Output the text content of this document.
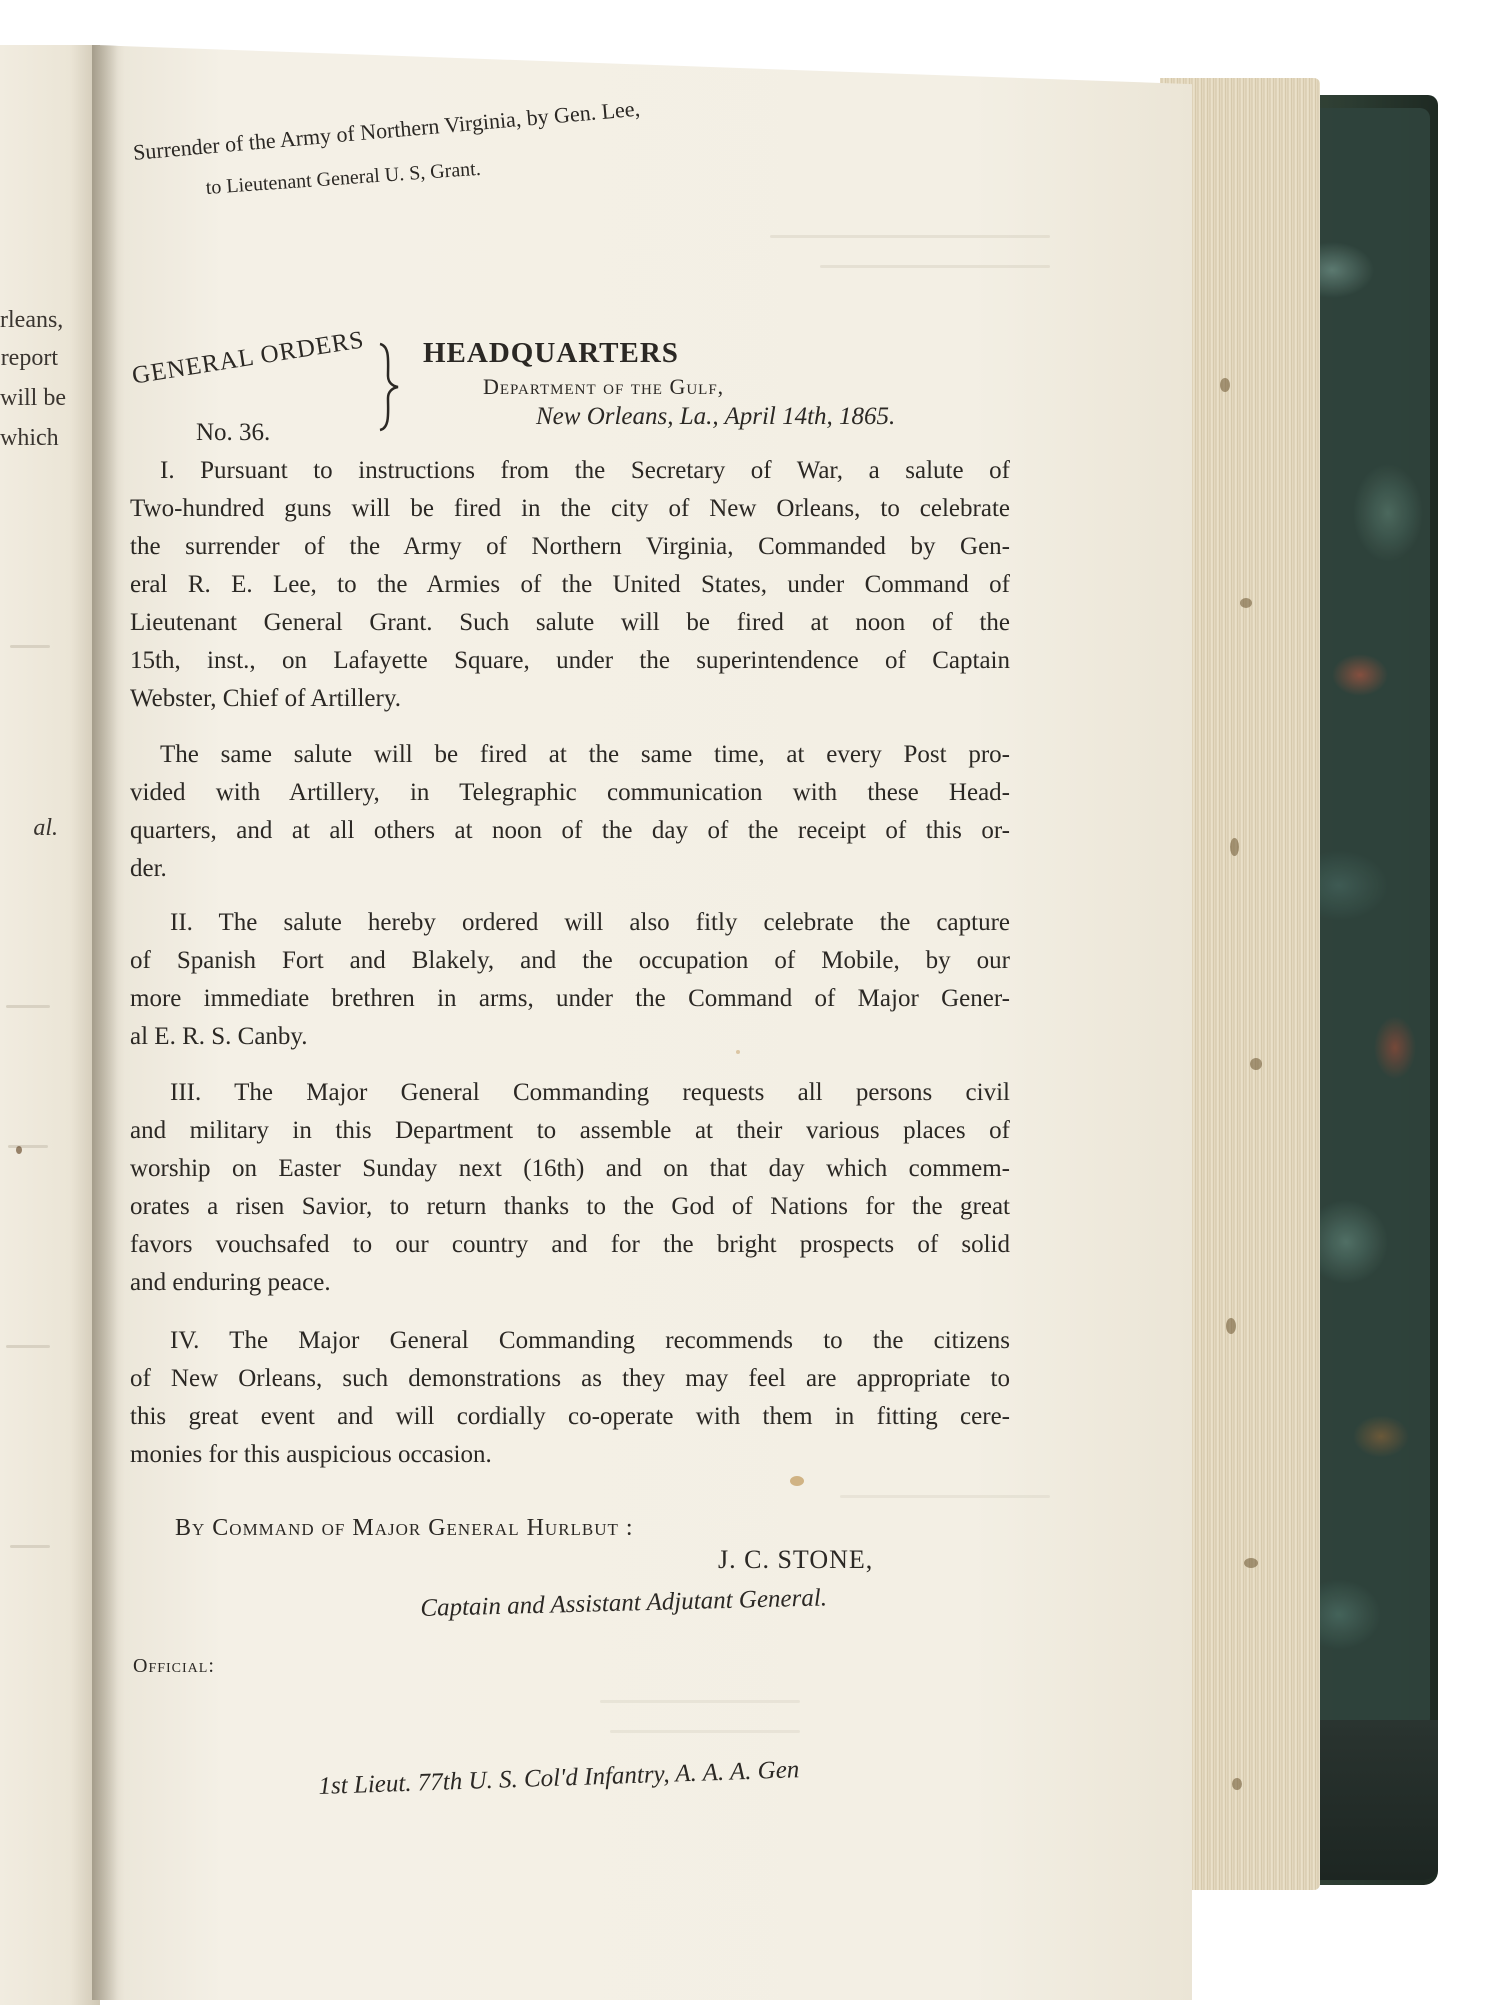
rleans,
report
will be
which
al.
Surrender of the Army of Northern Virginia, by Gen. Lee,
to Lieutenant General U. S, Grant.
GENERAL ORDERS
No. 36.
HEADQUARTERS
Department of the Gulf,
New Orleans, La., April 14th, 1865.
I. Pursuant to instructions from the Secretary of War, a salute of
Two-hundred guns will be fired in the city of New Orleans, to celebrate
the surrender of the Army of Northern Virginia, Commanded by Gen-
eral R. E. Lee, to the Armies of the United States, under Command of
Lieutenant General Grant. Such salute will be fired at noon of the
15th, inst., on Lafayette Square, under the superintendence of Captain
Webster, Chief of Artillery.
The same salute will be fired at the same time, at every Post pro-
vided with Artillery, in Telegraphic communication with these Head-
quarters, and at all others at noon of the day of the receipt of this or-
der.
II. The salute hereby ordered will also fitly celebrate the capture
of Spanish Fort and Blakely, and the occupation of Mobile, by our
more immediate brethren in arms, under the Command of Major Gener-
al E. R. S. Canby.
III. The Major General Commanding requests all persons civil
and military in this Department to assemble at their various places of
worship on Easter Sunday next (16th) and on that day which commem-
orates a risen Savior, to return thanks to the God of Nations for the great
favors vouchsafed to our country and for the bright prospects of solid
and enduring peace.
IV. The Major General Commanding recommends to the citizens
of New Orleans, such demonstrations as they may feel are appropriate to
this great event and will cordially co-operate with them in fitting cere-
monies for this auspicious occasion.
By Command of Major General Hurlbut :
J. C. STONE,
Captain and Assistant Adjutant General.
Official:
1st Lieut. 77th U. S. Col'd Infantry, A. A. A. Gen
